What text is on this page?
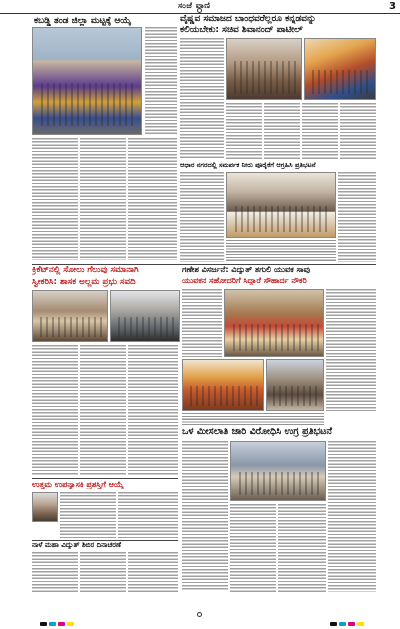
ಸಂಜೆ ವಾಣಿ	3
ಕಬಡ್ಡಿ ತಂಡ ಜಿಲ್ಲಾ ಮಟ್ಟಕ್ಕೆ ಆಯ್ಕೆ	ವೈಷ್ಣವ ಸಮಾಜದ ಬಾಂಧವರೆಲ್ಲರೂ ಕನ್ನಡವನ್ನು
ಕಲಿಯಬೇಕು: ಸಚಿವ ಶಿವಾನಂದ್ ಪಾಟೀಲ್
ಆಧಾರ ನಗರದಲ್ಲಿ ಸಮರ್ಪಕ ನೀರು ಪೂರೈಕೆಗೆ ಆಗ್ರಹಿಸಿ ಪ್ರತಿಭಟನೆ
ಕ್ರಿಕೆಟ್‌ನಲ್ಲಿ ಸೋಲು ಗೆಲುವು ಸಮಾನಾಗಿ
ಸ್ವೀಕರಿಸಿ: ಶಾಸಕ ಅಲ್ಲಮ ಪ್ರಭು ಸವದಿ
ಗಣೇಶ ವಿಸರ್ಜನೆ: ವಿದ್ಯುತ್ ತಗುಲಿ ಯುವಕ ಸಾವು
ಯುವಕನ ಸಹೋದರಿಗೆ ಸಿದ್ದಾರೆ ಸೌಹಾರ್ದ ನೌಕರಿ
ಒಳ ಮೀಸಲಾತಿ ಜಾರಿ ವಿರೋಧಿಸಿ ಉಗ್ರ ಪ್ರತಿಭಟನೆ
ಉತ್ತಮ ಉಪನ್ಯಾಸಕಿ ಪ್ರಶಸ್ತಿಗೆ ಆಯ್ಕೆ
ನಾಳೆ ಮಹಾ ವಿದ್ಯುತ್ ಶಿಬಿರ ದಿನಾಚರಣೆ
